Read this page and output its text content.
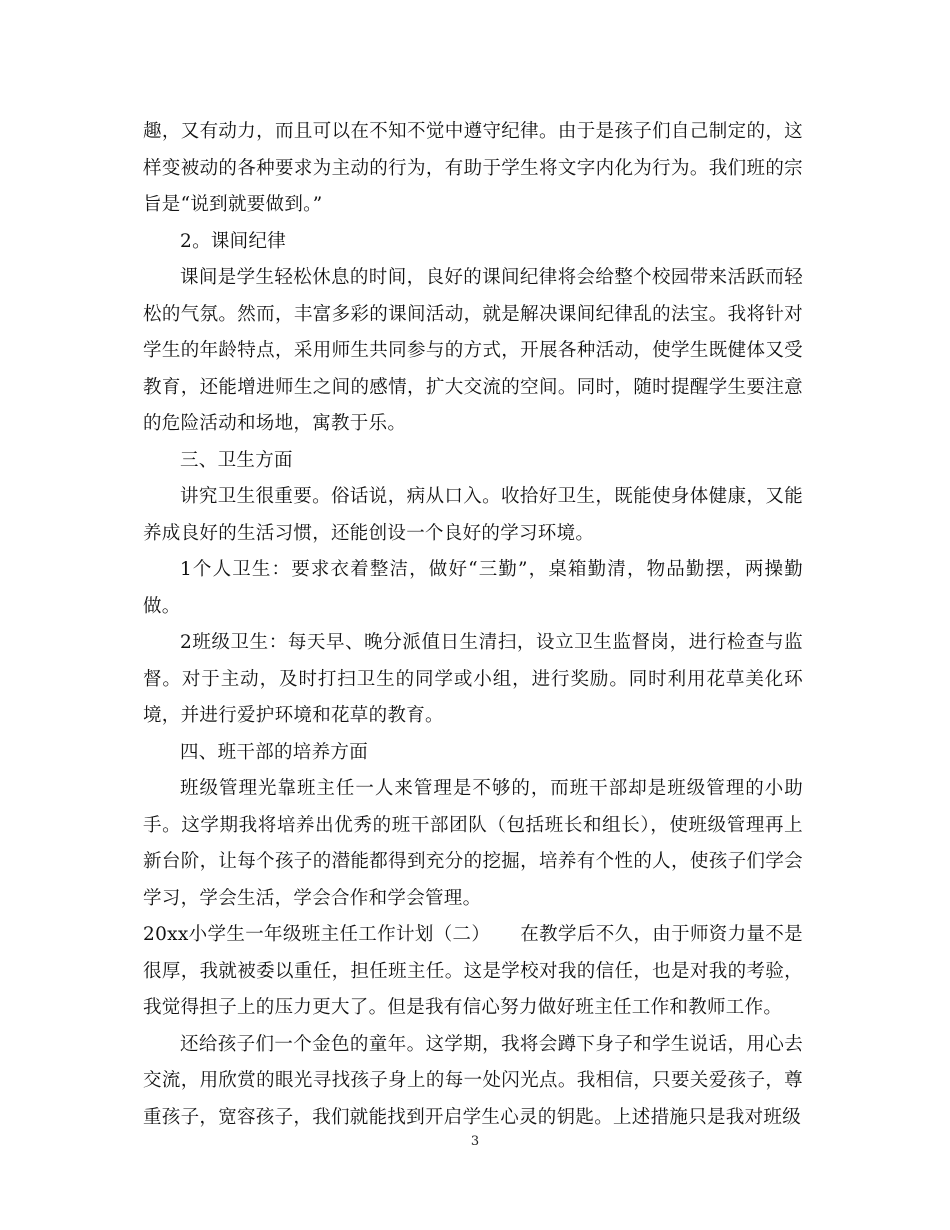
趣，又有动力，而且可以在不知不觉中遵守纪律。由于是孩子们自己制定的，这样变被动的各种要求为主动的行为，有助于学生将文字内化为行为。我们班的宗旨是“说到就要做到。”

2。课间纪律

课间是学生轻松休息的时间，良好的课间纪律将会给整个校园带来活跃而轻松的气氛。然而，丰富多彩的课间活动，就是解决课间纪律乱的法宝。我将针对学生的年龄特点，采用师生共同参与的方式，开展各种活动，使学生既健体又受教育，还能增进师生之间的感情，扩大交流的空间。同时，随时提醒学生要注意的危险活动和场地，寓教于乐。

三、卫生方面

讲究卫生很重要。俗话说，病从口入。收拾好卫生，既能使身体健康，又能养成良好的生活习惯，还能创设一个良好的学习环境。

1个人卫生：要求衣着整洁，做好“三勤”，桌箱勤清，物品勤摆，两操勤做。

2班级卫生：每天早、晚分派值日生清扫，设立卫生监督岗，进行检查与监督。对于主动，及时打扫卫生的同学或小组，进行奖励。同时利用花草美化环境，并进行爱护环境和花草的教育。

四、班干部的培养方面

班级管理光靠班主任一人来管理是不够的，而班干部却是班级管理的小助手。这学期我将培养出优秀的班干部团队（包括班长和组长），使班级管理再上新台阶，让每个孩子的潜能都得到充分的挖掘，培养有个性的人，使孩子们学会学习，学会生活，学会合作和学会管理。

20xx小学生一年级班主任工作计划（二） 在教学后不久，由于师资力量不是很厚，我就被委以重任，担任班主任。这是学校对我的信任，也是对我的考验，我觉得担子上的压力更大了。但是我有信心努力做好班主任工作和教师工作。

还给孩子们一个金色的童年。这学期，我将会蹲下身子和学生说话，用心去交流，用欣赏的眼光寻找孩子身上的每一处闪光点。我相信，只要关爱孩子，尊重孩子，宽容孩子，我们就能找到开启学生心灵的钥匙。上述措施只是我对班级

3
